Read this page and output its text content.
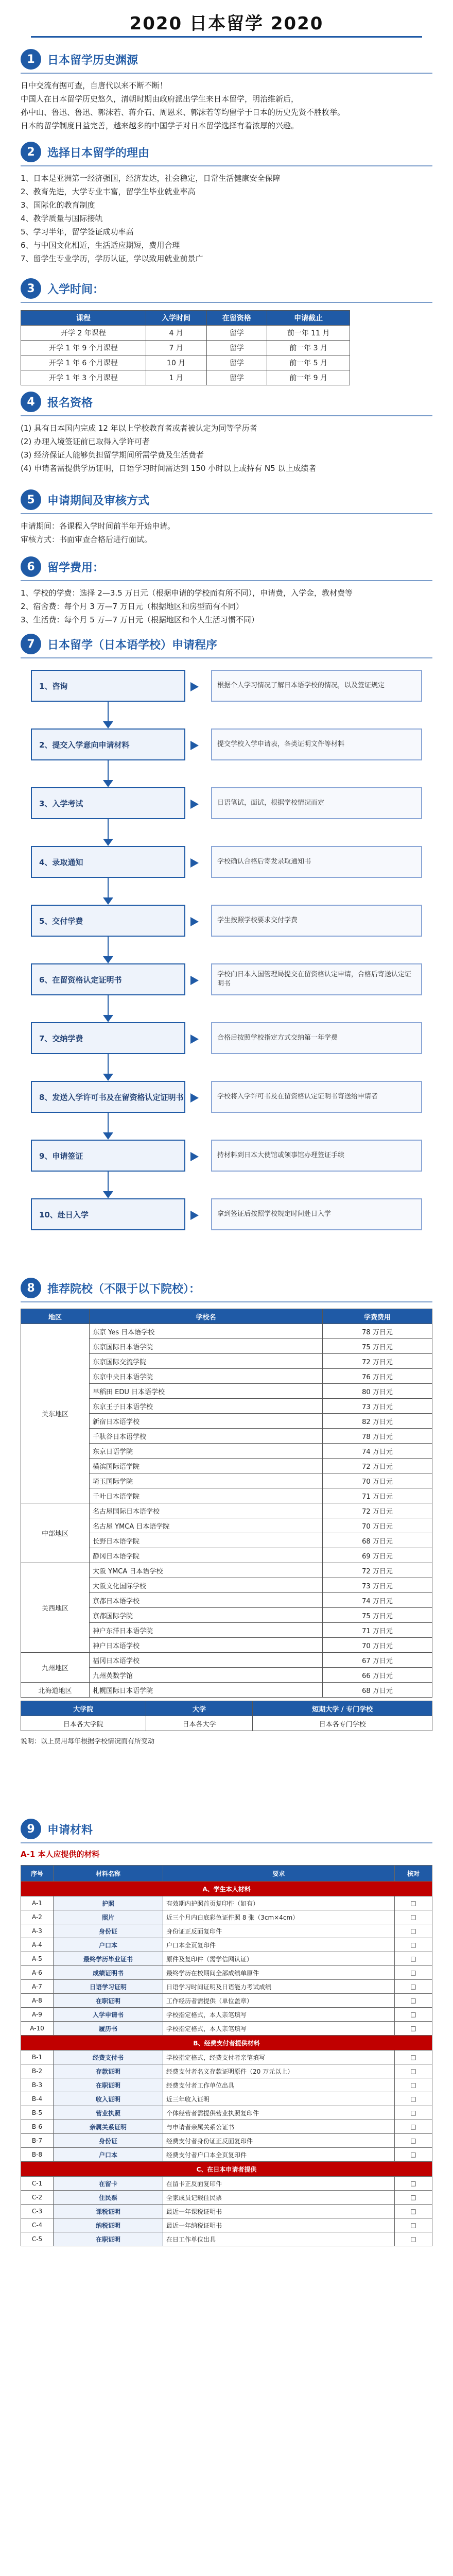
2020 日本留学 2020
1	日本留学历史渊源
日中交流有据可查，自唐代以来不断不断！
中国人在日本留学历史悠久，清朝时期由政府派出学生来日本留学，明治维新后，
孙中山、鲁迅、鲁迅、郭沫若、蒋介石、周恩来、郭沫若等均留学于日本的历史先贤不胜枚举。
日本的留学制度日益完善，越来越多的中国学子对日本留学选择有着浓厚的兴趣。
2	选择日本留学的理由
1、日本是亚洲第一经济强国，经济发达，社会稳定，日常生活健康安全保障
2、教育先进，大学专业丰富，留学生毕业就业率高
3、国际化的教育制度
4、教学质量与国际接轨
5、学习半年，留学签证成功率高
6、与中国文化相近，生活适应期短，费用合理
7、留学生专业学历，学历认证，学以致用就业前景广
3	入学时间：
课程	入学时间	在留资格	申请截止
开学 2 年课程	4 月	留学	前一年 11 月
开学 1 年 9 个月课程	7 月	留学	前一年 3 月
开学 1 年 6 个月课程	10 月	留学	前一年 5 月
开学 1 年 3 个月课程	1 月	留学	前一年 9 月
4	报名资格
(1) 具有日本国内完成 12 年以上学校教育者或者被认定为同等学历者
(2) 办理入境签证前已取得入学许可者
(3) 经济保证人能够负担留学期间所需学费及生活费者
(4) 申请者需提供学历证明，日语学习时间需达到 150 小时以上或持有 N5 以上成绩者
5	申请期间及审核方式
申请期间：各课程入学时间前半年开始申请。
审核方式：书面审查合格后进行面试。
6	留学费用：
1、学校的学费：选择 2—3.5 万日元（根据申请的学校而有所不同），申请费，入学金，教材费等
2、宿舍费：每个月 3 万—7 万日元（根据地区和房型而有不同）
3、生活费：每个月 5 万—7 万日元（根据地区和个人生活习惯不同）
7	日本留学（日本语学校）申请程序
1、咨询	根据个人学习情况了解日本语学校的情况，以及签证规定
2、提交入学意向申请材料	提交学校入学申请表，各类证明文件等材料
3、入学考试	日语笔试，面试，根据学校情况而定
4、录取通知	学校确认合格后寄发录取通知书
5、交付学费	学生按照学校要求交付学费
6、在留资格认定证明书
学校向日本入国管理局提交在留资格认定申请，合格后寄送认定证明书
7、交纳学费	合格后按照学校指定方式交纳第一年学费
8、发送入学许可书及在留资格认定证明书	学校将入学许可书及在留资格认定证明书寄送给申请者
9、申请签证	持材料到日本大使馆或领事馆办理签证手续
10、赴日入学	拿到签证后按照学校规定时间赴日入学
8	推荐院校（不限于以下院校）：
地区	学校名	学费费用
关东地区	东京 Yes 日本语学校	78 万日元
	东京国际日本语学院	75 万日元
	东京国际交流学院	72 万日元
	东京中央日本语学院	76 万日元
	早稻田 EDU 日本语学校	80 万日元
	东京王子日本语学校	73 万日元
	新宿日本语学校	82 万日元
	千驮谷日本语学校	78 万日元
	东京日语学院	74 万日元
	横滨国际语学院	72 万日元
	埼玉国际学院	70 万日元
	千叶日本语学院	71 万日元
中部地区	名古屋国际日本语学校	72 万日元
	名古屋 YMCA 日本语学院	70 万日元
	长野日本语学院	68 万日元
	静冈日本语学院	69 万日元
关西地区	大阪 YMCA 日本语学校	72 万日元
	大阪文化国际学校	73 万日元
	京都日本语学校	74 万日元
	京都国际学院	75 万日元
	神户东洋日本语学院	71 万日元
	神户日本语学校	70 万日元
九州地区	福冈日本语学校	67 万日元
	九州英数学馆	66 万日元
北海道地区	札幌国际日本语学院	68 万日元
大学院	大学	短期大学 / 专门学校
日本各大学院	日本各大学	日本各专门学校
说明：以上费用每年根据学校情况而有所变动
9	申请材料
A-1 本人应提供的材料
序号	材料名称	要求	核对
A、学生本人材料			
A-1	护照	有效期内护照首页复印件（如有）	□
A-2	照片	近三个月内白底彩色证件照 8 张（3cm×4cm）	□
A-3	身份证	身份证正反面复印件	□
A-4	户口本	户口本全页复印件	□
A-5	最终学历毕业证书	原件及复印件（需学信网认证）	□
A-6	成绩证明书	最终学历在校期间全部成绩单原件	□
A-7	日语学习证明	日语学习时间证明及日语能力考试成绩	□
A-8	在职证明	工作经历者需提供（单位盖章）	□
A-9	入学申请书	学校指定格式，本人亲笔填写	□
A-10	履历书	学校指定格式，本人亲笔填写	□
B、经费支付者提供材料			
B-1	经费支付书	学校指定格式，经费支付者亲笔填写	□
B-2	存款证明	经费支付者名义存款证明原件（20 万元以上）	□
B-3	在职证明	经费支付者工作单位出具	□
B-4	收入证明	近三年收入证明	□
B-5	营业执照	个体经营者需提供营业执照复印件	□
B-6	亲属关系证明	与申请者亲属关系公证书	□
B-7	身份证	经费支付者身份证正反面复印件	□
B-8	户口本	经费支付者户口本全页复印件	□
C、在日本申请者提供			
C-1	在留卡	在留卡正反面复印件	□
C-2	住民票	全家成员记载住民票	□
C-3	课税证明	最近一年课税证明书	□
C-4	纳税证明	最近一年纳税证明书	□
C-5	在职证明	在日工作单位出具	□
